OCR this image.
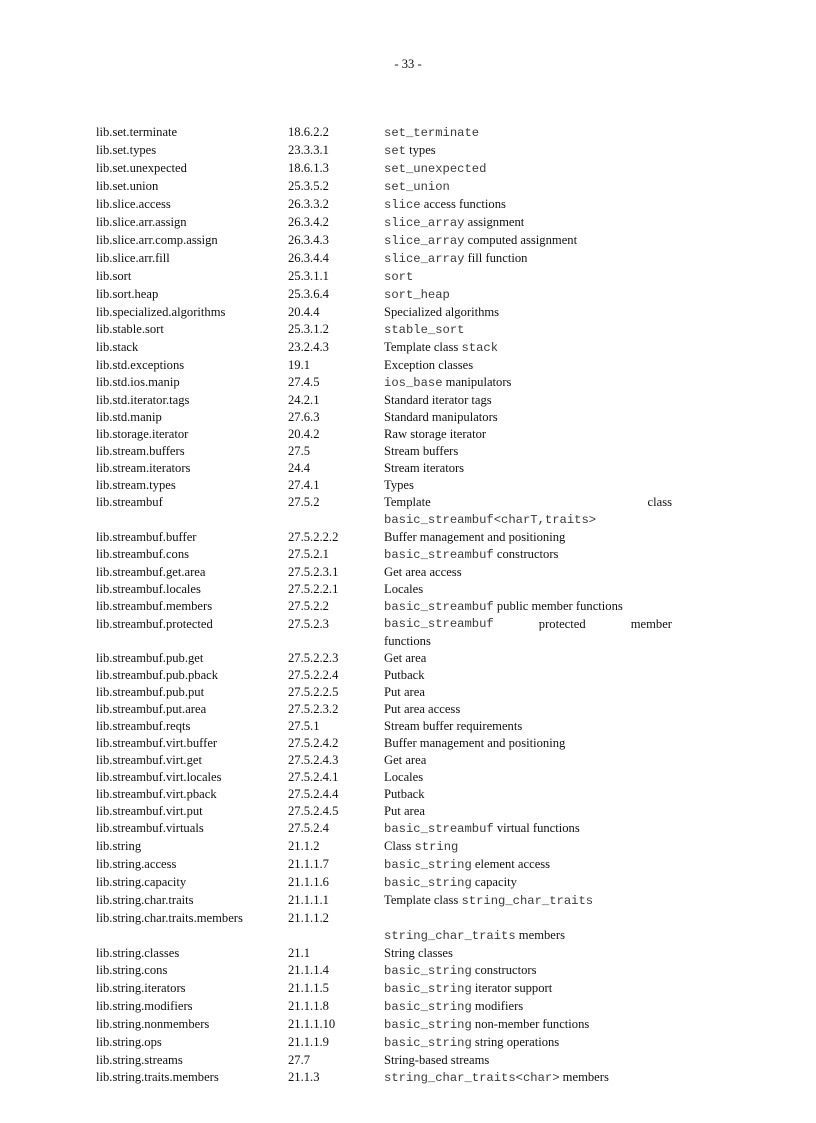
- 33 -
lib.set.terminate	18.6.2.2	set_terminate
lib.set.types	23.3.3.1	set types
lib.set.unexpected	18.6.1.3	set_unexpected
lib.set.union	25.3.5.2	set_union
lib.slice.access	26.3.3.2	slice access functions
lib.slice.arr.assign	26.3.4.2	slice_array assignment
lib.slice.arr.comp.assign	26.3.4.3	slice_array computed assignment
lib.slice.arr.fill	26.3.4.4	slice_array fill function
lib.sort	25.3.1.1	sort
lib.sort.heap	25.3.6.4	sort_heap
lib.specialized.algorithms	20.4.4	Specialized algorithms
lib.stable.sort	25.3.1.2	stable_sort
lib.stack	23.2.4.3	Template class stack
lib.std.exceptions	19.1	Exception classes
lib.std.ios.manip	27.4.5	ios_base manipulators
lib.std.iterator.tags	24.2.1	Standard iterator tags
lib.std.manip	27.6.3	Standard manipulators
lib.storage.iterator	20.4.2	Raw storage iterator
lib.stream.buffers	27.5	Stream buffers
lib.stream.iterators	24.4	Stream iterators
lib.stream.types	27.4.1	Types
lib.streambuf	27.5.2	Template	class
basic_streambuf<charT,traits>
lib.streambuf.buffer	27.5.2.2.2	Buffer management and positioning
lib.streambuf.cons	27.5.2.1	basic_streambuf constructors
lib.streambuf.get.area	27.5.2.3.1	Get area access
lib.streambuf.locales	27.5.2.2.1	Locales
lib.streambuf.members	27.5.2.2	basic_streambuf public member functions
lib.streambuf.protected	27.5.2.3	basic_streambuf	protected	member
functions
lib.streambuf.pub.get	27.5.2.2.3	Get area
lib.streambuf.pub.pback	27.5.2.2.4	Putback
lib.streambuf.pub.put	27.5.2.2.5	Put area
lib.streambuf.put.area	27.5.2.3.2	Put area access
lib.streambuf.reqts	27.5.1	Stream buffer requirements
lib.streambuf.virt.buffer	27.5.2.4.2	Buffer management and positioning
lib.streambuf.virt.get	27.5.2.4.3	Get area
lib.streambuf.virt.locales	27.5.2.4.1	Locales
lib.streambuf.virt.pback	27.5.2.4.4	Putback
lib.streambuf.virt.put	27.5.2.4.5	Put area
lib.streambuf.virtuals	27.5.2.4	basic_streambuf virtual functions
lib.string	21.1.2	Class string
lib.string.access	21.1.1.7	basic_string element access
lib.string.capacity	21.1.1.6	basic_string capacity
lib.string.char.traits	21.1.1.1	Template class string_char_traits
lib.string.char.traits.members	21.1.1.2
string_char_traits members
lib.string.classes	21.1	String classes
lib.string.cons	21.1.1.4	basic_string constructors
lib.string.iterators	21.1.1.5	basic_string iterator support
lib.string.modifiers	21.1.1.8	basic_string modifiers
lib.string.nonmembers	21.1.1.10	basic_string non-member functions
lib.string.ops	21.1.1.9	basic_string string operations
lib.string.streams	27.7	String-based streams
lib.string.traits.members	21.1.3	string_char_traits<char> members
